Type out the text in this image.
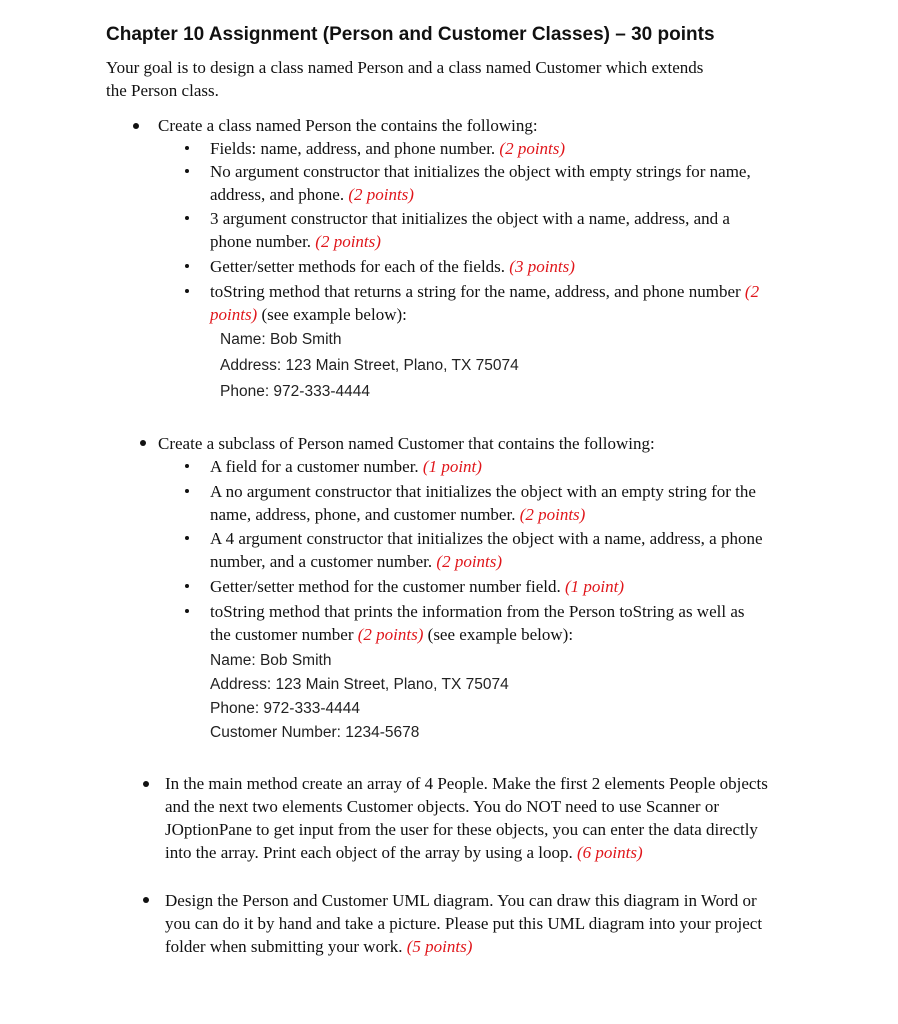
Chapter 10 Assignment (Person and Customer Classes) – 30 points
Your goal is to design a class named Person and a class named Customer which extends
the Person class.
Create a class named Person the contains the following:
Fields: name, address, and phone number. (2 points)
No argument constructor that initializes the object with empty strings for name,
address, and phone. (2 points)
3 argument constructor that initializes the object with a name, address, and a
phone number. (2 points)
Getter/setter methods for each of the fields. (3 points)
toString method that returns a string for the name, address, and phone number (2
points) (see example below):
Name: Bob Smith
Address: 123 Main Street, Plano, TX 75074
Phone: 972-333-4444
Create a subclass of Person named Customer that contains the following:
A field for a customer number. (1 point)
A no argument constructor that initializes the object with an empty string for the
name, address, phone, and customer number. (2 points)
A 4 argument constructor that initializes the object with a name, address, a phone
number, and a customer number. (2 points)
Getter/setter method for the customer number field. (1 point)
toString method that prints the information from the Person toString as well as
the customer number (2 points) (see example below):
Name: Bob Smith
Address: 123 Main Street, Plano, TX 75074
Phone: 972-333-4444
Customer Number: 1234-5678
In the main method create an array of 4 People. Make the first 2 elements People objects
and the next two elements Customer objects. You do NOT need to use Scanner or
JOptionPane to get input from the user for these objects, you can enter the data directly
into the array. Print each object of the array by using a loop. (6 points)
Design the Person and Customer UML diagram. You can draw this diagram in Word or
you can do it by hand and take a picture. Please put this UML diagram into your project
folder when submitting your work. (5 points)
